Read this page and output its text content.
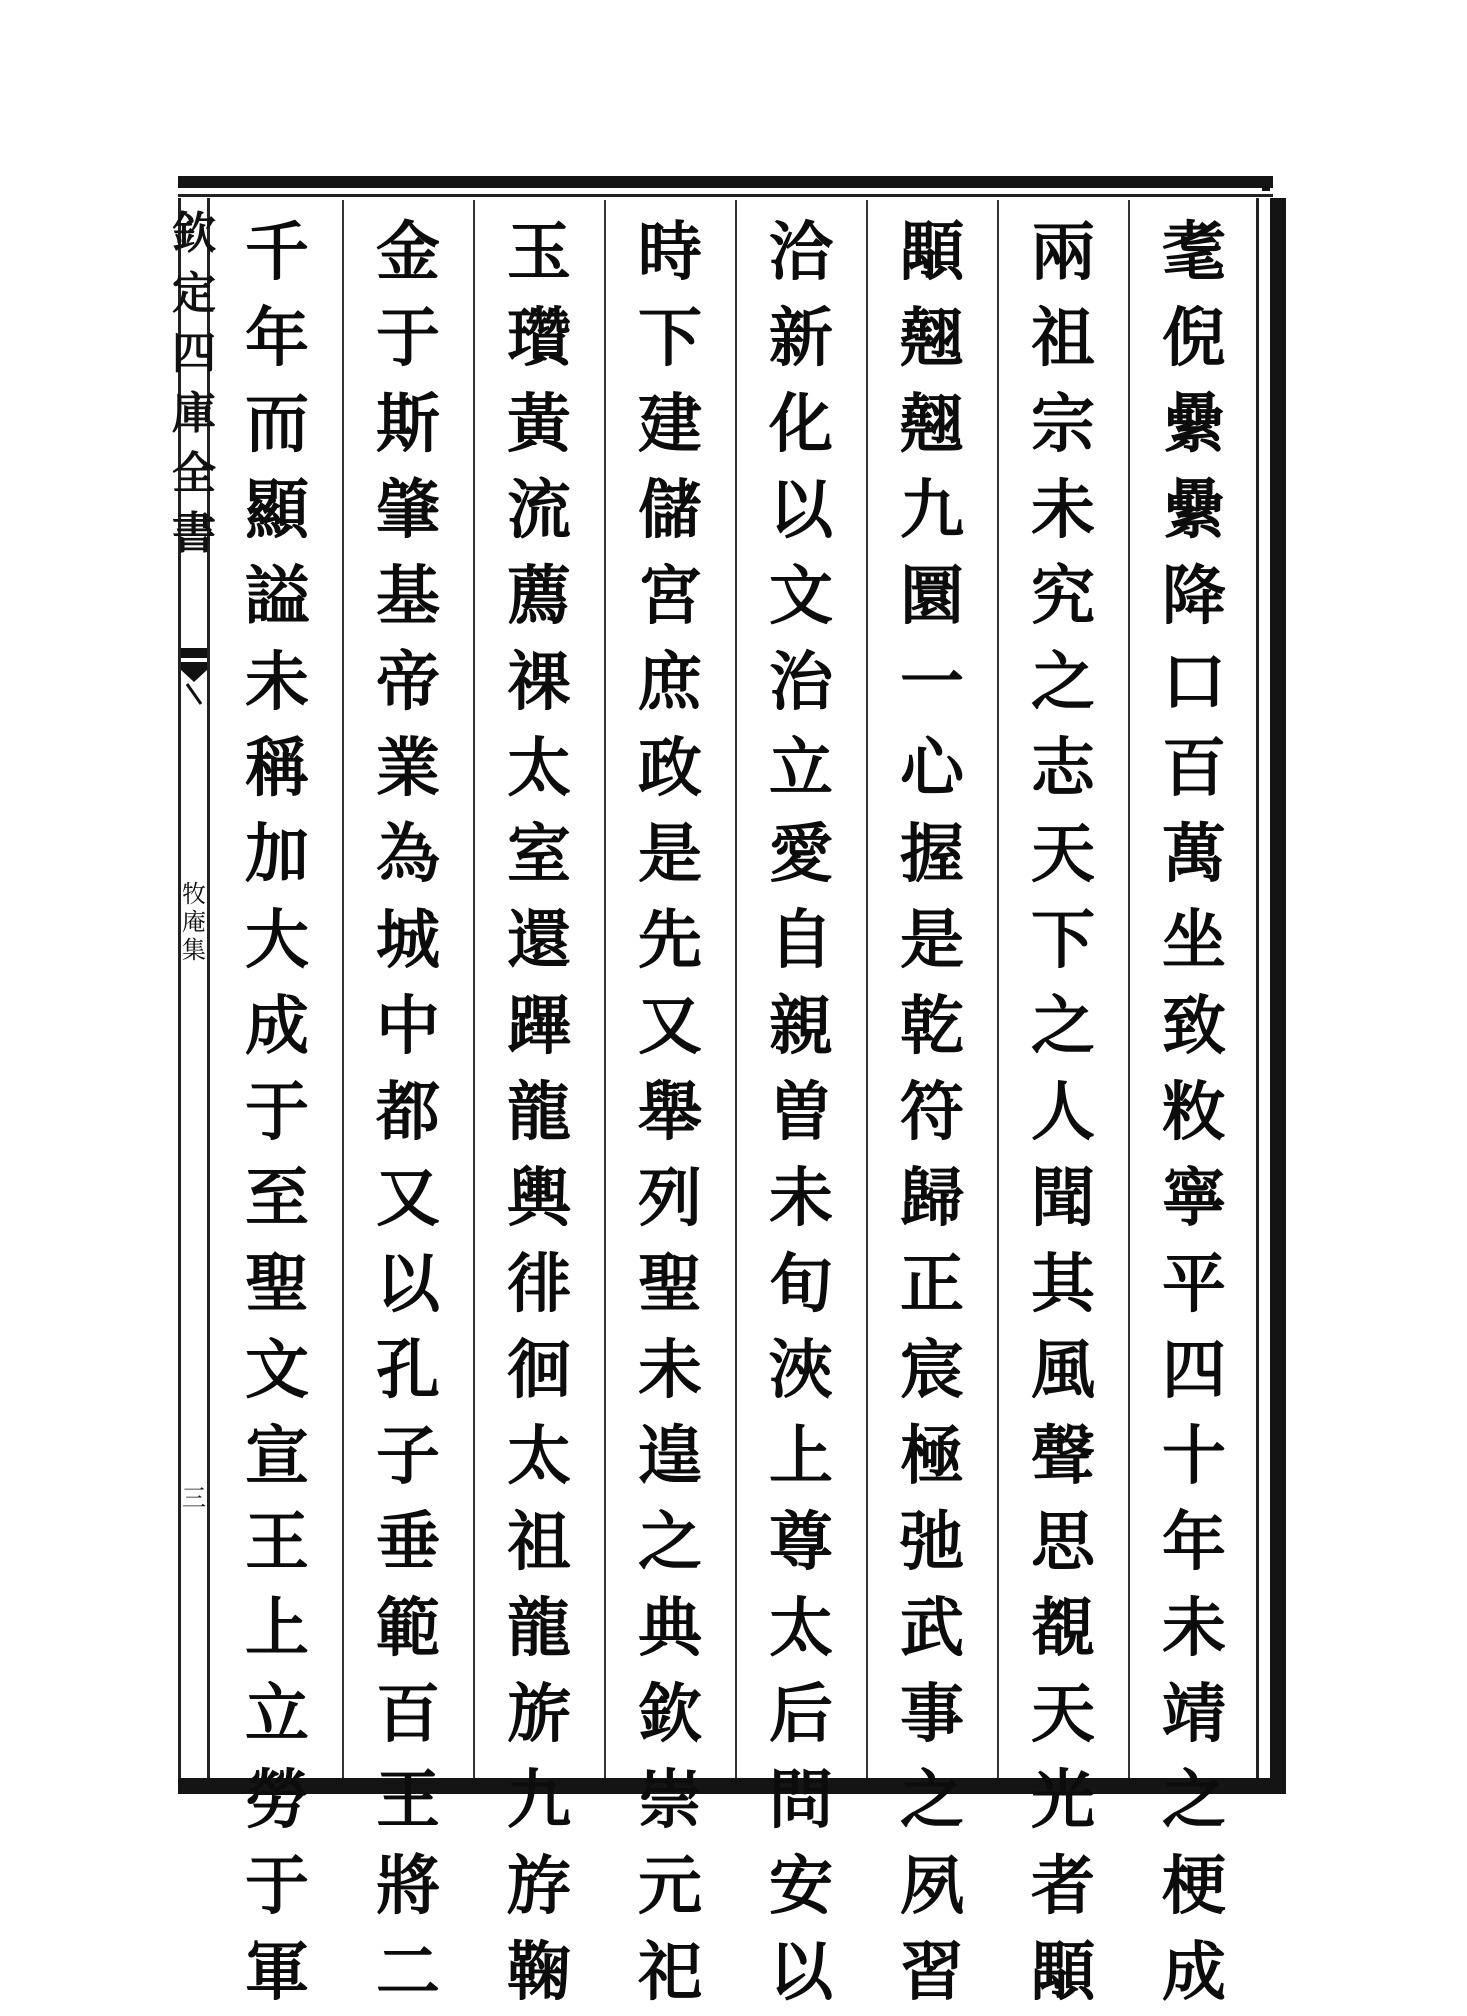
欽
定
四
庫
全
書
牧
庵
集
三
耄
倪
纍
纍
降
口
百
萬
坐
致
敉
寧
平
四
十
年
未
靖
之
梗
成
兩
祖
宗
未
究
之
志
天
下
之
人
聞
其
風
聲
思
覩
天
光
者
顒
顒
翹
翹
九
圜
一
心
握
是
乾
符
歸
正
宸
極
弛
武
事
之
夙
習
洽
新
化
以
文
治
立
愛
自
親
曽
未
旬
浹
上
尊
太
后
問
安
以
時
下
建
儲
宮
庶
政
是
先
又
舉
列
聖
未
遑
之
典
欽
崇
元
祀
玉
瓚
黃
流
薦
祼
太
室
還
蹕
龍
輿
徘
徊
太
祖
龍
旂
九
斿
鞠
金
于
斯
肇
基
帝
業
為
城
中
都
又
以
孔
子
垂
範
百
王
將
二
千
年
而
顯
謚
未
稱
加
大
成
于
至
聖
文
宣
王
上
立
勞
于
軍
